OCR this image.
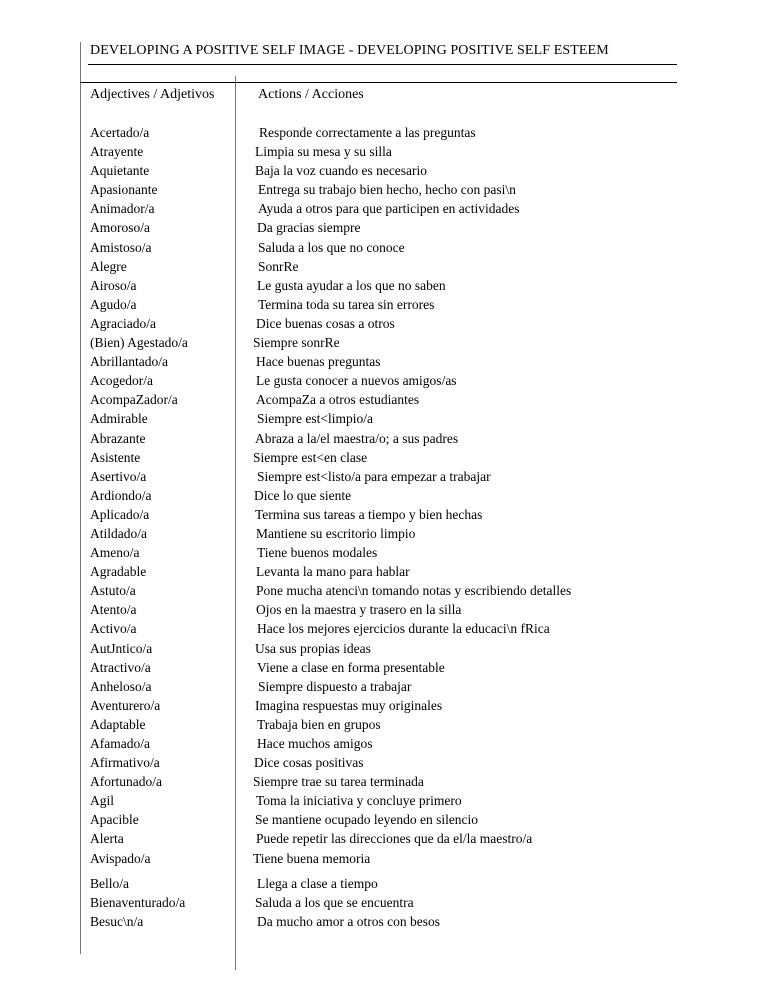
DEVELOPING A POSITIVE SELF IMAGE - DEVELOPING POSITIVE SELF ESTEEM
Adjectives / Adjetivos	Actions / Acciones
Acertado/a
Atrayente
Aquietante
Apasionante
Animador/a
Amoroso/a
Amistoso/a
Alegre
Airoso/a
Agudo/a
Agraciado/a
(Bien) Agestado/a
Abrillantado/a
Acogedor/a
AcompaZador/a
Admirable
Abrazante
Asistente
Asertivo/a
Ardiondo/a
Aplicado/a
Atildado/a
Ameno/a
Agradable
Astuto/a
Atento/a
Activo/a
AutJntico/a
Atractivo/a
Anheloso/a
Aventurero/a
Adaptable
Afamado/a
Afirmativo/a
Afortunado/a
Agil
Apacible
Alerta
Avispado/a
Responde correctamente a las preguntas
Limpia su mesa y su silla
Baja la voz cuando es necesario
Entrega su trabajo bien hecho, hecho con pasi\n
Ayuda a otros para que participen en actividades
Da gracias siempre
Saluda a los que no conoce
SonrRe
Le gusta ayudar a los que no saben
Termina toda su tarea sin errores
Dice buenas cosas a otros
Siempre sonrRe
Hace buenas preguntas
Le gusta conocer a nuevos amigos/as
AcompaZa a otros estudiantes
Siempre est<limpio/a
Abraza a la/el maestra/o; a sus padres
Siempre est<en clase
Siempre est<listo/a para empezar a trabajar
Dice lo que siente
Termina sus tareas a tiempo y bien hechas
Mantiene su escritorio limpio
Tiene buenos modales
Levanta la mano para hablar
Pone mucha atenci\n tomando notas y escribiendo detalles
Ojos en la maestra y trasero en la silla
Hace los mejores ejercicios durante la educaci\n fRica
Usa sus propias ideas
Viene a clase en forma presentable
Siempre dispuesto a trabajar
Imagina respuestas muy originales
Trabaja bien en grupos
Hace muchos amigos
Dice cosas positivas
Siempre trae su tarea terminada
Toma la iniciativa y concluye primero
Se mantiene ocupado leyendo en silencio
Puede repetir las direcciones que da el/la maestro/a
Tiene buena memoria
Bello/a
Bienaventurado/a
Besuc\n/a
Llega a clase a tiempo
Saluda a los que se encuentra
Da mucho amor a otros con besos
